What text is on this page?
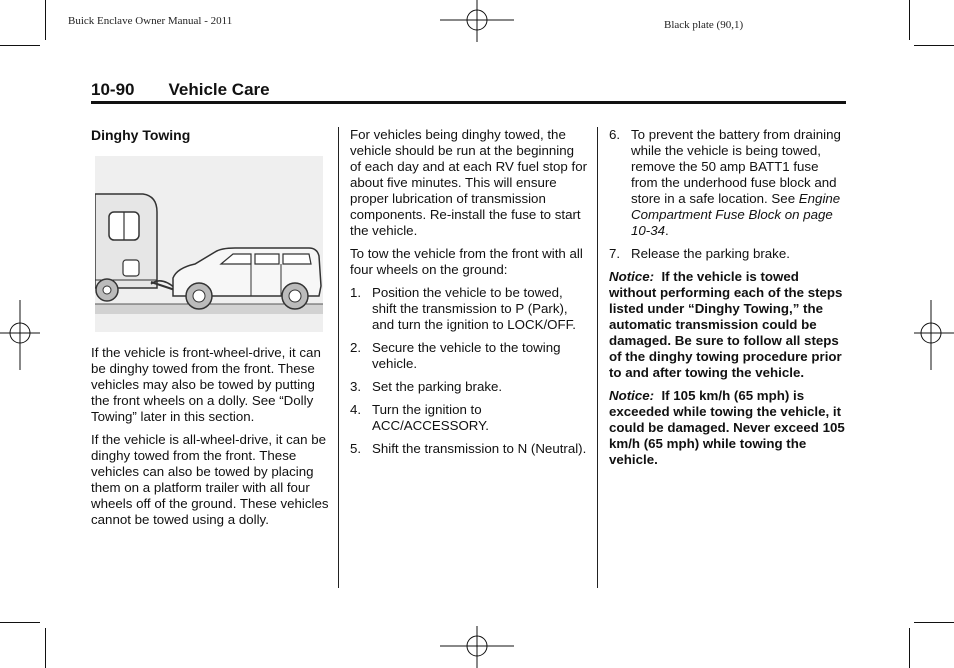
Buick Enclave Owner Manual - 2011	Black plate (90,1)
10-90 Vehicle Care
Dinghy Towing

If the vehicle is front-wheel-drive, it can be dinghy towed from the front. These vehicles may also be towed by putting the front wheels on a dolly. See “Dolly Towing” later in this section.

If the vehicle is all-wheel-drive, it can be dinghy towed from the front. These vehicles can also be towed by placing them on a platform trailer with all four wheels off of the ground. These vehicles cannot be towed using a dolly.

For vehicles being dinghy towed, the vehicle should be run at the beginning of each day and at each RV fuel stop for about five minutes. This will ensure proper lubrication of transmission components. Re-install the fuse to start the vehicle.

To tow the vehicle from the front with all four wheels on the ground:

1. Position the vehicle to be towed, shift the transmission to P (Park), and turn the ignition to LOCK/OFF.
2. Secure the vehicle to the towing vehicle.
3. Set the parking brake.
4. Turn the ignition to ACC/ACCESSORY.
5. Shift the transmission to N (Neutral).
6. To prevent the battery from draining while the vehicle is being towed, remove the 50 amp BATT1 fuse from the underhood fuse block and store in a safe location. See Engine Compartment Fuse Block on page 10-34.
7. Release the parking brake.

Notice: If the vehicle is towed without performing each of the steps listed under “Dinghy Towing,” the automatic transmission could be damaged. Be sure to follow all steps of the dinghy towing procedure prior to and after towing the vehicle.

Notice: If 105 km/h (65 mph) is exceeded while towing the vehicle, it could be damaged. Never exceed 105 km/h (65 mph) while towing the vehicle.
